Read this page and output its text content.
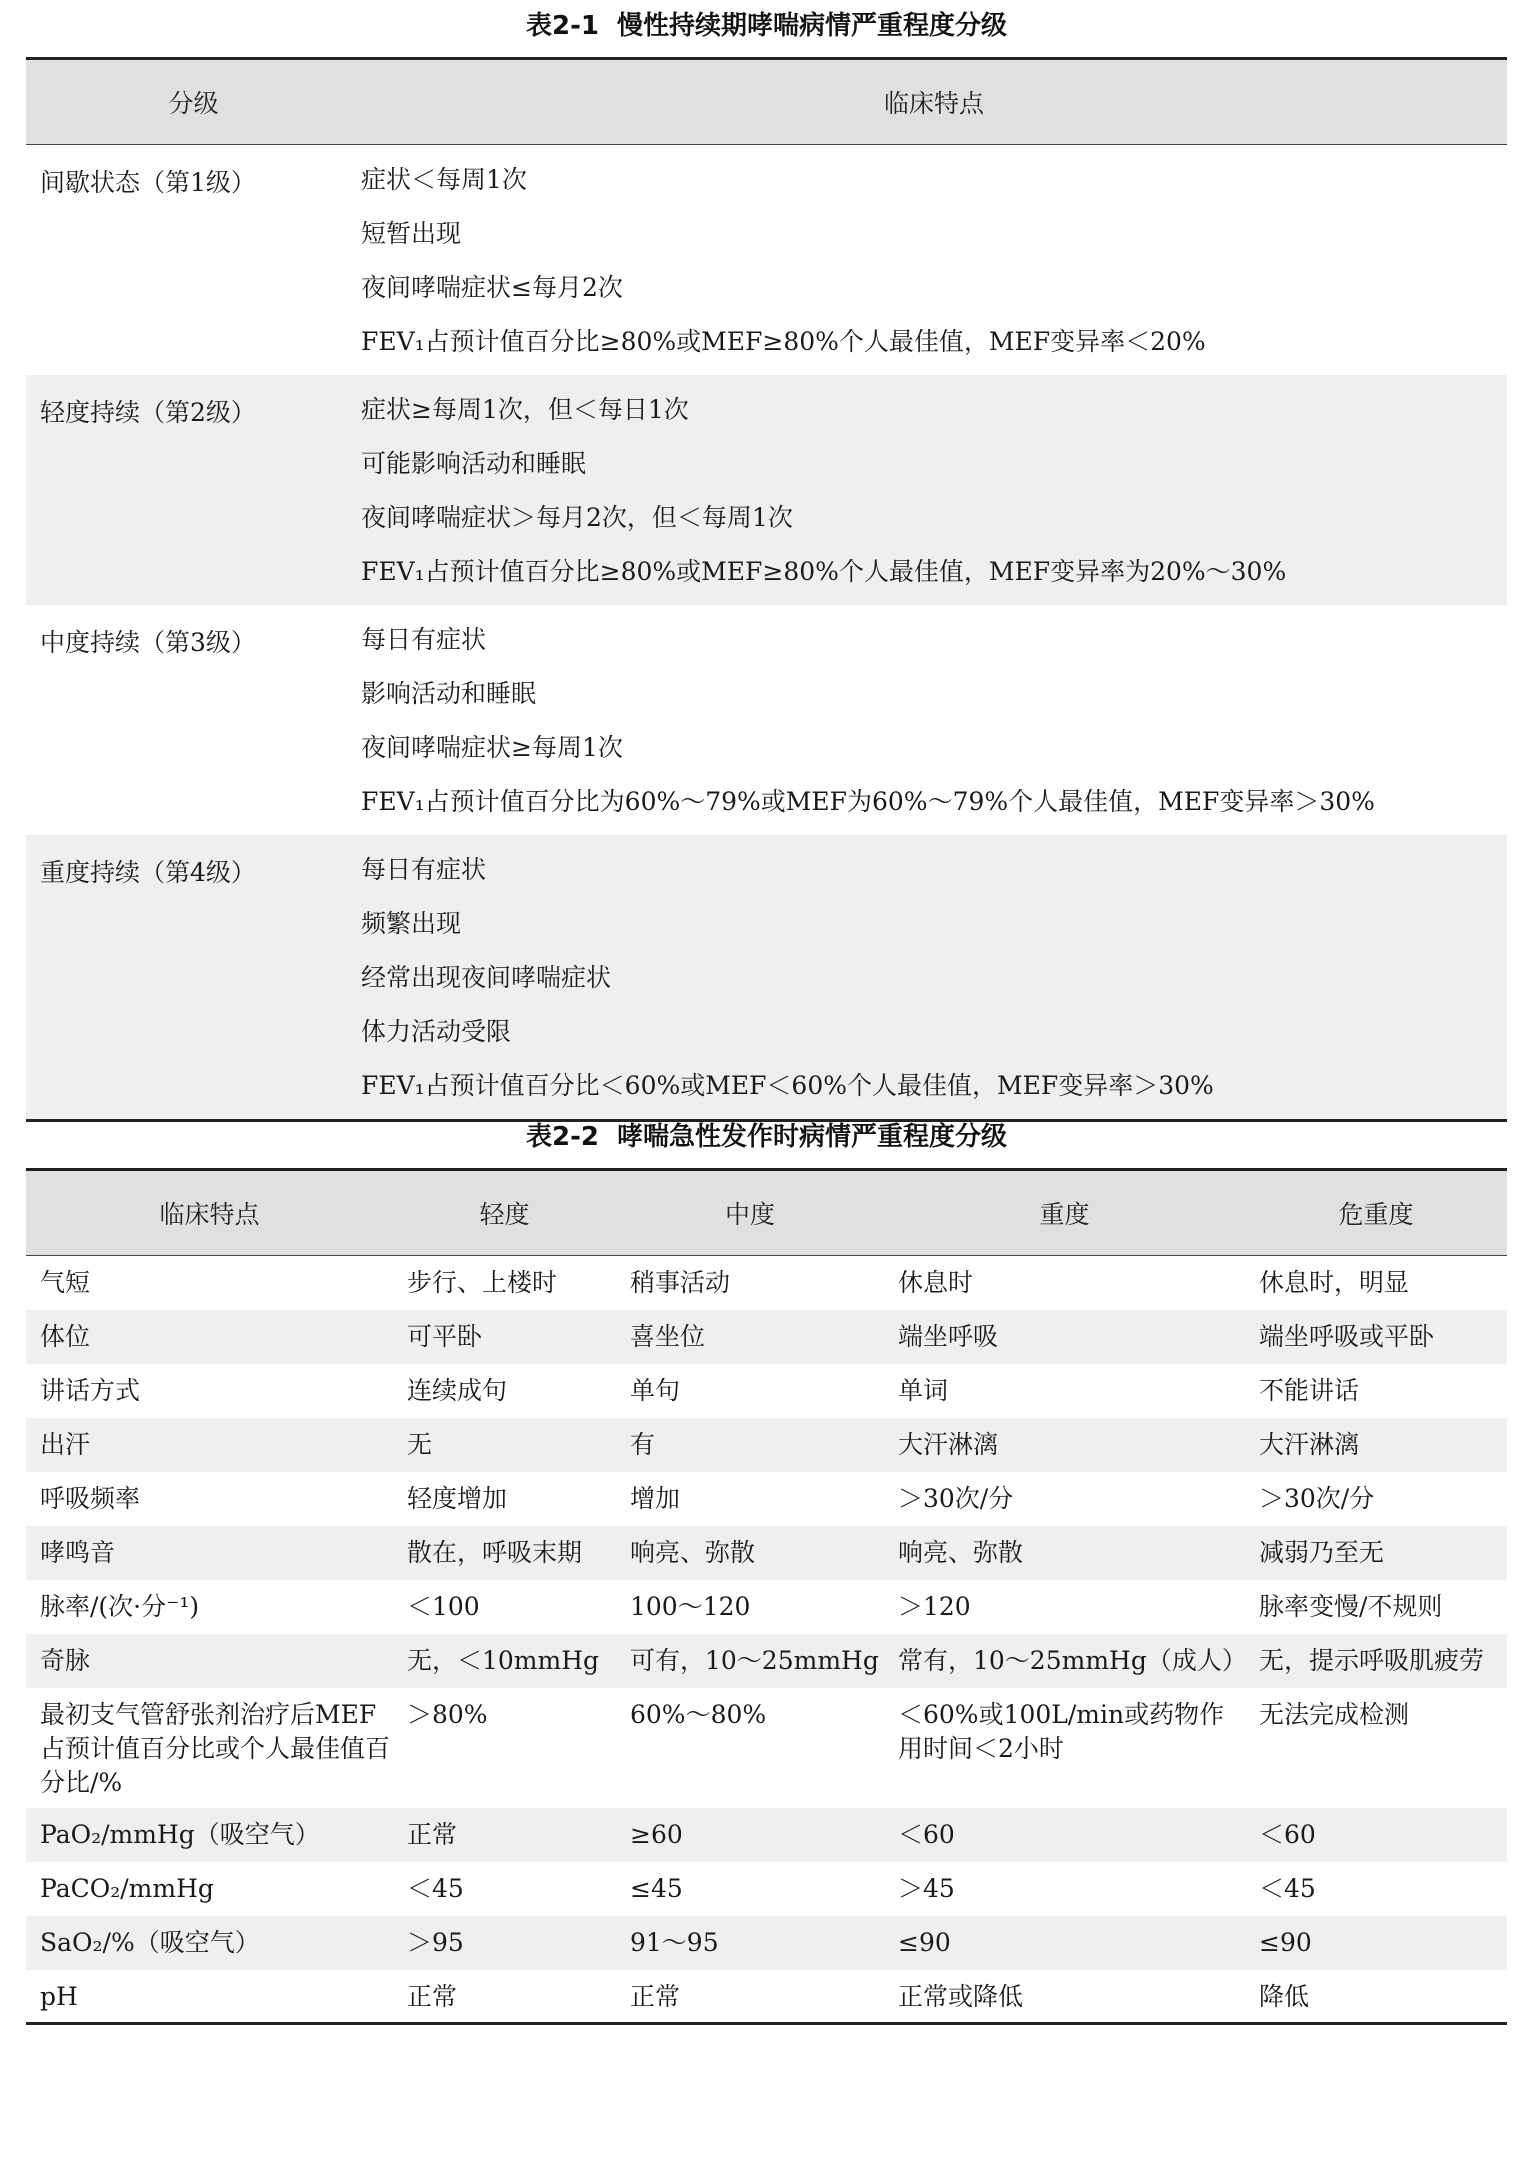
表2-1 慢性持续期哮喘病情严重程度分级
分级	临床特点
间歇状态（第1级）	症状＜每周1次
短暂出现
夜间哮喘症状≤每月2次
FEV₁占预计值百分比≥80%或MEF≥80%个人最佳值，MEF变异率＜20%

轻度持续（第2级）	症状≥每周1次，但＜每日1次
可能影响活动和睡眠
夜间哮喘症状＞每月2次，但＜每周1次
FEV₁占预计值百分比≥80%或MEF≥80%个人最佳值，MEF变异率为20%～30%

中度持续（第3级）	每日有症状
影响活动和睡眠
夜间哮喘症状≥每周1次
FEV₁占预计值百分比为60%～79%或MEF为60%～79%个人最佳值，MEF变异率＞30%

重度持续（第4级）	每日有症状
频繁出现
经常出现夜间哮喘症状
体力活动受限
FEV₁占预计值百分比＜60%或MEF＜60%个人最佳值，MEF变异率＞30%
表2-2 哮喘急性发作时病情严重程度分级
临床特点	轻度	中度	重度	危重度
气短	步行、上楼时	稍事活动	休息时	休息时，明显
体位	可平卧	喜坐位	端坐呼吸	端坐呼吸或平卧
讲话方式	连续成句	单句	单词	不能讲话
出汗	无	有	大汗淋漓	大汗淋漓
呼吸频率	轻度增加	增加	＞30次/分	＞30次/分
哮鸣音	散在，呼吸末期	响亮、弥散	响亮、弥散	减弱乃至无
脉率/(次·分⁻¹)	＜100	100～120	＞120	脉率变慢/不规则
奇脉	无，＜10mmHg	可有，10～25mmHg	常有，10～25mmHg（成人）	无，提示呼吸肌疲劳
最初支气管舒张剂治疗后MEF占预计值百分比或个人最佳值百分比/%	＞80%	60%～80%	＜60%或100L/min或药物作用时间＜2小时	无法完成检测
PaO₂/mmHg（吸空气）	正常	≥60	＜60	＜60
PaCO₂/mmHg	＜45	≤45	＞45	＜45
SaO₂/%（吸空气）	＞95	91～95	≤90	≤90
pH	正常	正常	正常或降低	降低
